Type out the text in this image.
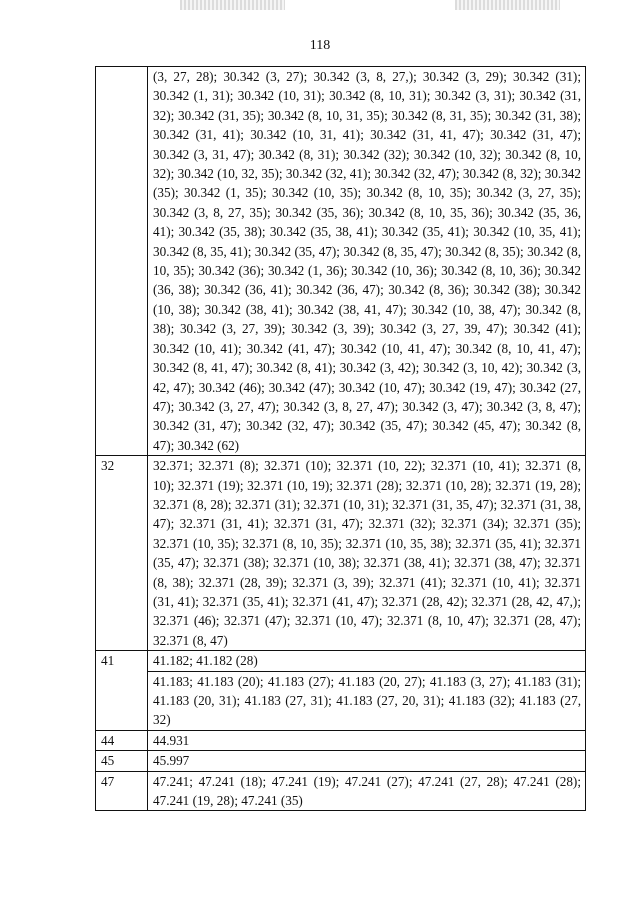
118
	(3, 27, 28); 30.342 (3, 27); 30.342 (3, 8, 27,); 30.342 (3, 29); 30.342 (31); 30.342 (1, 31); 30.342 (10, 31); 30.342 (8, 10, 31); 30.342 (3, 31); 30.342 (31, 32); 30.342 (31, 35); 30.342 (8, 10, 31, 35); 30.342 (8, 31, 35); 30.342 (31, 38); 30.342 (31, 41); 30.342 (10, 31, 41); 30.342 (31, 41, 47); 30.342 (31, 47); 30.342 (3, 31, 47); 30.342 (8, 31); 30.342 (32); 30.342 (10, 32); 30.342 (8, 10, 32); 30.342 (10, 32, 35); 30.342 (32, 41); 30.342 (32, 47); 30.342 (8, 32); 30.342 (35); 30.342 (1, 35); 30.342 (10, 35); 30.342 (8, 10, 35); 30.342 (3, 27, 35); 30.342 (3, 8, 27, 35); 30.342 (35, 36); 30.342 (8, 10, 35, 36); 30.342 (35, 36, 41); 30.342 (35, 38); 30.342 (35, 38, 41); 30.342 (35, 41); 30.342 (10, 35, 41); 30.342 (8, 35, 41); 30.342 (35, 47); 30.342 (8, 35, 47); 30.342 (8, 35); 30.342 (8, 10, 35); 30.342 (36); 30.342 (1, 36); 30.342 (10, 36); 30.342 (8, 10, 36); 30.342 (36, 38); 30.342 (36, 41); 30.342 (36, 47); 30.342 (8, 36); 30.342 (38); 30.342 (10, 38); 30.342 (38, 41); 30.342 (38, 41, 47); 30.342 (10, 38, 47); 30.342 (8, 38); 30.342 (3, 27, 39); 30.342 (3, 39); 30.342 (3, 27, 39, 47); 30.342 (41); 30.342 (10, 41); 30.342 (41, 47); 30.342 (10, 41, 47); 30.342 (8, 10, 41, 47); 30.342 (8, 41, 47); 30.342 (8, 41); 30.342 (3, 42); 30.342 (3, 10, 42); 30.342 (3, 42, 47); 30.342 (46); 30.342 (47); 30.342 (10, 47); 30.342 (19, 47); 30.342 (27, 47); 30.342 (3, 27, 47); 30.342 (3, 8, 27, 47); 30.342 (3, 47); 30.342 (3, 8, 47); 30.342 (31, 47); 30.342 (32, 47); 30.342 (35, 47); 30.342 (45, 47); 30.342 (8, 47); 30.342 (62)
32	32.371; 32.371 (8); 32.371 (10); 32.371 (10, 22); 32.371 (10, 41); 32.371 (8, 10); 32.371 (19); 32.371 (10, 19); 32.371 (28); 32.371 (10, 28); 32.371 (19, 28); 32.371 (8, 28); 32.371 (31); 32.371 (10, 31); 32.371 (31, 35, 47); 32.371 (31, 38, 47); 32.371 (31, 41); 32.371 (31, 47); 32.371 (32); 32.371 (34); 32.371 (35); 32.371 (10, 35); 32.371 (8, 10, 35); 32.371 (10, 35, 38); 32.371 (35, 41); 32.371 (35, 47); 32.371 (38); 32.371 (10, 38); 32.371 (38, 41); 32.371 (38, 47); 32.371 (8, 38); 32.371 (28, 39); 32.371 (3, 39); 32.371 (41); 32.371 (10, 41); 32.371 (31, 41); 32.371 (35, 41); 32.371 (41, 47); 32.371 (28, 42); 32.371 (28, 42, 47,); 32.371 (46); 32.371 (47); 32.371 (10, 47); 32.371 (8, 10, 47); 32.371 (28, 47); 32.371 (8, 47)
41	41.182; 41.182 (28)
	41.183; 41.183 (20); 41.183 (27); 41.183 (20, 27); 41.183 (3, 27); 41.183 (31); 41.183 (20, 31); 41.183 (27, 31); 41.183 (27, 20, 31); 41.183 (32); 41.183 (27, 32)
44	44.931
45	45.997
47	47.241; 47.241 (18); 47.241 (19); 47.241 (27); 47.241 (27, 28); 47.241 (28); 47.241 (19, 28); 47.241 (35)
